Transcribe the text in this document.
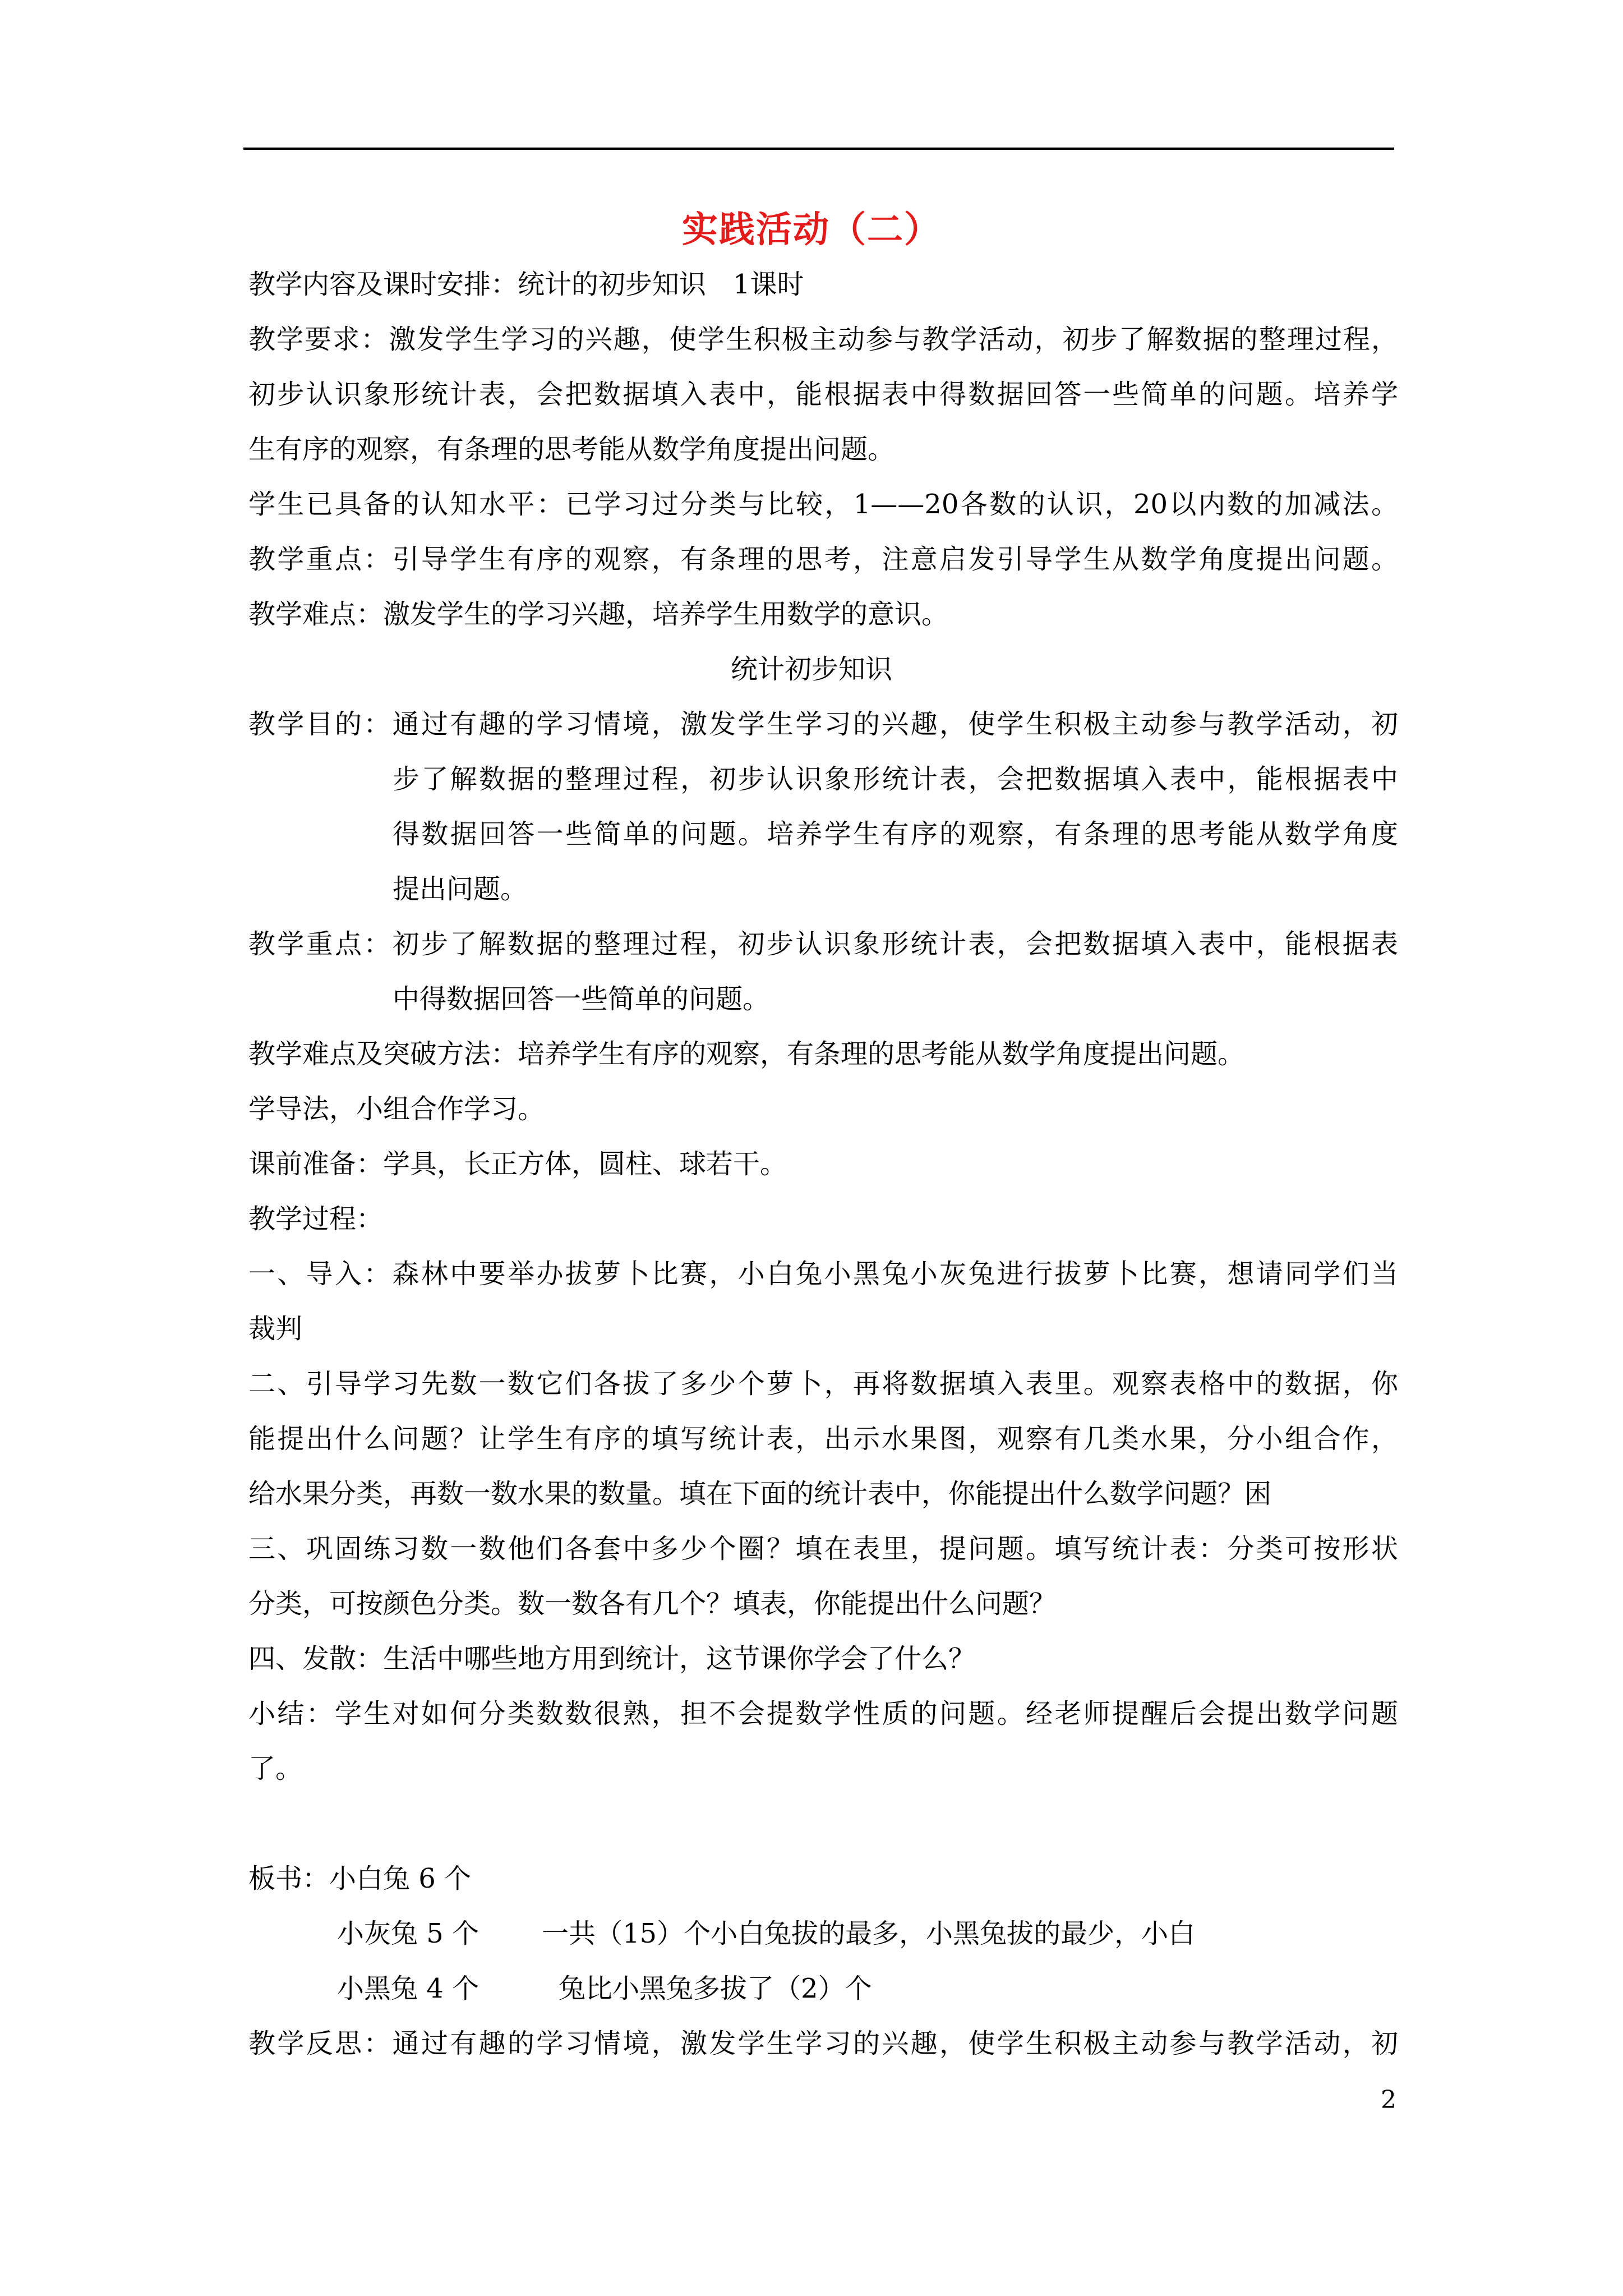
实践活动（二）
教学内容及课时安排：统计的初步知识　1课时
教学要求：激发学生学习的兴趣，使学生积极主动参与教学活动，初步了解数据的整理过程，
初步认识象形统计表，会把数据填入表中，能根据表中得数据回答一些简单的问题。培养学
生有序的观察，有条理的思考能从数学角度提出问题。
学生已具备的认知水平：已学习过分类与比较，1——20各数的认识，20以内数的加减法。
教学重点：引导学生有序的观察，有条理的思考，注意启发引导学生从数学角度提出问题。
教学难点：激发学生的学习兴趣，培养学生用数学的意识。
统计初步知识
教学目的：通过有趣的学习情境，激发学生学习的兴趣，使学生积极主动参与教学活动，初
步了解数据的整理过程，初步认识象形统计表，会把数据填入表中，能根据表中
得数据回答一些简单的问题。培养学生有序的观察，有条理的思考能从数学角度
提出问题。
教学重点：初步了解数据的整理过程，初步认识象形统计表，会把数据填入表中，能根据表
中得数据回答一些简单的问题。
教学难点及突破方法：培养学生有序的观察，有条理的思考能从数学角度提出问题。
学导法，小组合作学习。
课前准备：学具，长正方体，圆柱、球若干。
教学过程：
一、导入：森林中要举办拔萝卜比赛，小白兔小黑兔小灰兔进行拔萝卜比赛，想请同学们当
裁判
二、引导学习先数一数它们各拔了多少个萝卜，再将数据填入表里。观察表格中的数据，你
能提出什么问题？让学生有序的填写统计表，出示水果图，观察有几类水果，分小组合作，
给水果分类，再数一数水果的数量。填在下面的统计表中，你能提出什么数学问题？困
三、巩固练习数一数他们各套中多少个圈？填在表里，提问题。填写统计表：分类可按形状
分类，可按颜色分类。数一数各有几个？填表，你能提出什么问题？
四、发散：生活中哪些地方用到统计，这节课你学会了什么？
小结：学生对如何分类数数很熟，担不会提数学性质的问题。经老师提醒后会提出数学问题
了。
板书：小白兔 6 个
小灰兔 5 个 一共（15）个小白兔拔的最多，小黑兔拔的最少，小白
小黑兔 4 个	兔比小黑兔多拔了（2）个
教学反思：通过有趣的学习情境，激发学生学习的兴趣，使学生积极主动参与教学活动，初
2
